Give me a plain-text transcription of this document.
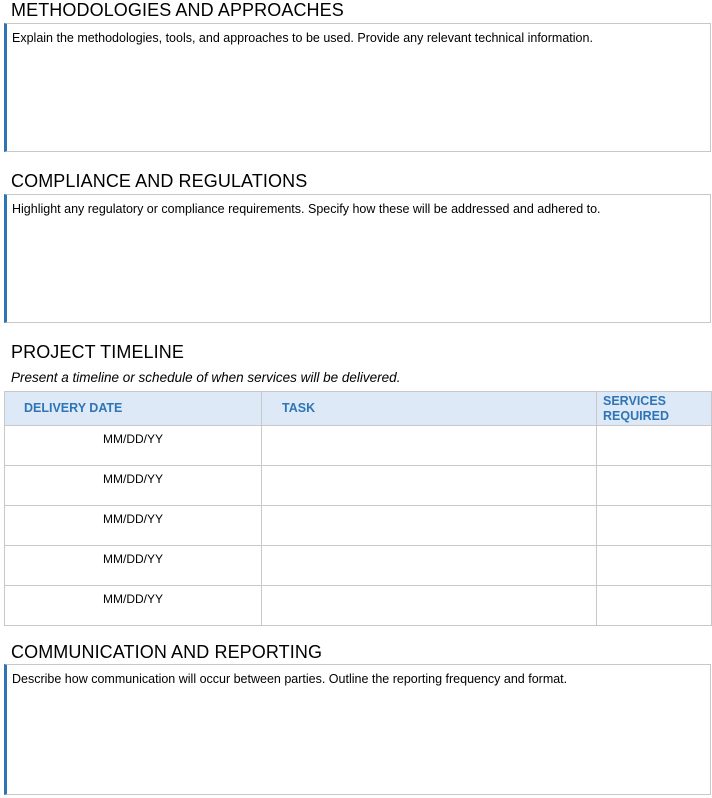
METHODOLOGIES AND APPROACHES
Explain the methodologies, tools, and approaches to be used. Provide any relevant technical information.
COMPLIANCE AND REGULATIONS
Highlight any regulatory or compliance requirements. Specify how these will be addressed and adhered to.
PROJECT TIMELINE
Present a timeline or schedule of when services will be delivered.
DELIVERY DATE	TASK	SERVICES REQUIRED
MM/DD/YY		
MM/DD/YY		
MM/DD/YY		
MM/DD/YY		
MM/DD/YY		
COMMUNICATION AND REPORTING
Describe how communication will occur between parties. Outline the reporting frequency and format.
